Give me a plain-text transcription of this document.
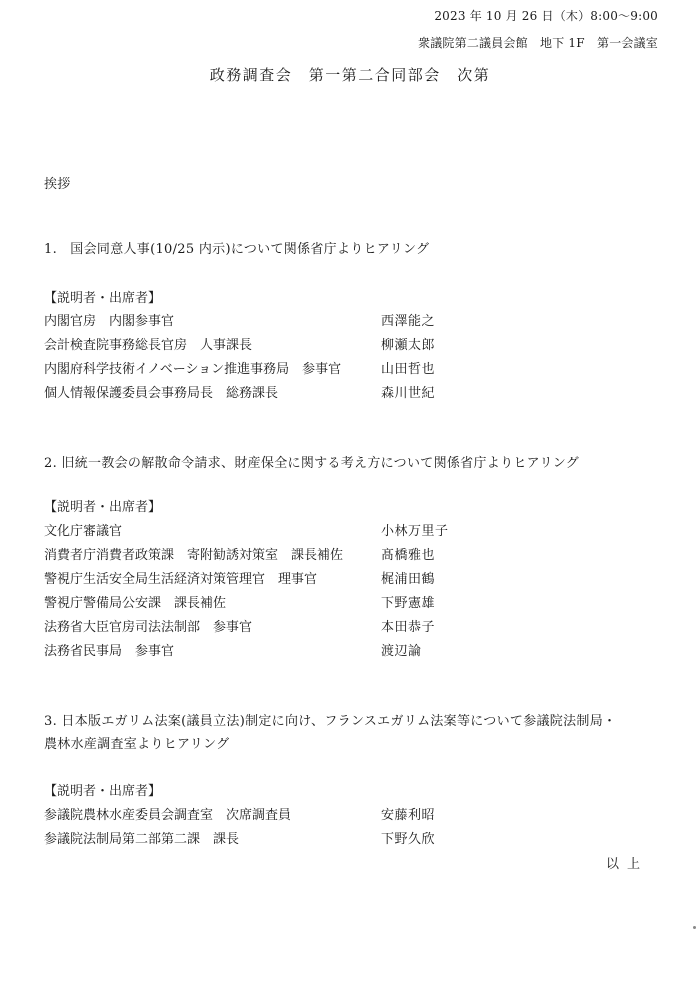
2023 年 10 月 26 日（木）8:00～9:00
衆議院第二議員会館　地下 1F　第一会議室
政務調査会　第一第二合同部会　次第
挨拶
1.　国会同意人事(10/25 内示)について関係省庁よりヒアリング
【説明者・出席者】
内閣官房　内閣参事官	西澤能之
会計検査院事務総長官房　人事課長	柳瀬太郎
内閣府科学技術イノベーション推進事務局　参事官	山田哲也
個人情報保護委員会事務局長　総務課長	森川世紀
2. 旧統一教会の解散命令請求、財産保全に関する考え方について関係省庁よりヒアリング
【説明者・出席者】
文化庁審議官	小林万里子
消費者庁消費者政策課　寄附勧誘対策室　課長補佐	髙橋雅也
警視庁生活安全局生活経済対策管理官　理事官	梶浦田鶴
警視庁警備局公安課　課長補佐	下野憲雄
法務省大臣官房司法法制部　参事官	本田恭子
法務省民事局　参事官	渡辺論
3. 日本版エガリム法案(議員立法)制定に向け、フランスエガリム法案等について参議院法制局・
農林水産調査室よりヒアリング
【説明者・出席者】
参議院農林水産委員会調査室　次席調査員	安藤利昭
参議院法制局第二部第二課　課長	下野久欣
以上
